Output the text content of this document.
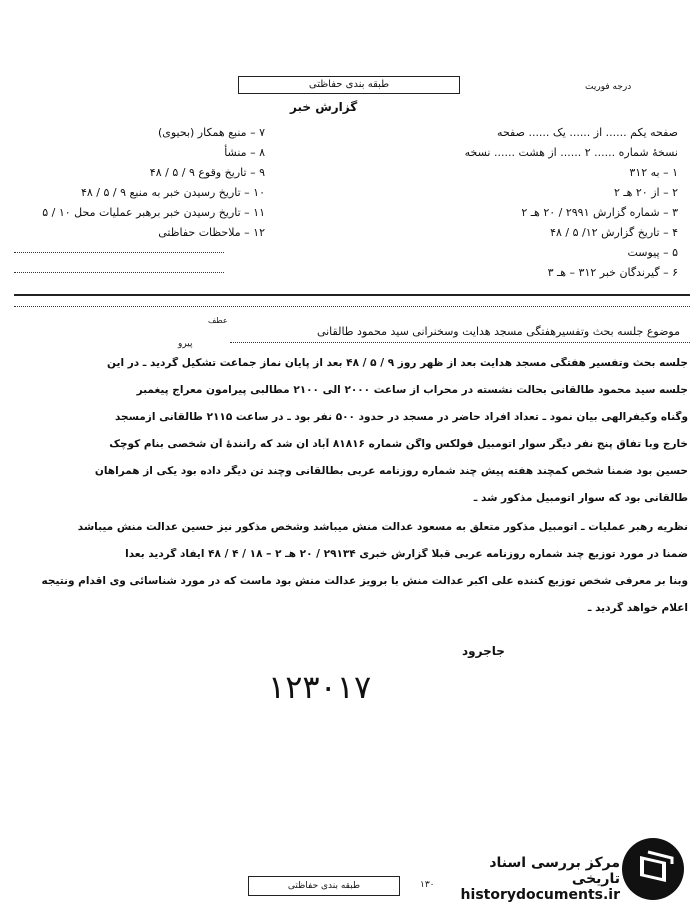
درجه فوریت
طبقه بندی حفاظتی
گزارش خبر
صفحه یکم ...... از ...... یک ...... صفحه
نسخهٔ شماره ...... ۲ ...... از هشت ...... نسخه
۱ – به ۳۱۲
۲ – از ۲۰ هـ ۲
۳ – شماره گزارش ۲۹۹۱ / ۲۰ هـ ۲
۴ – تاریخ گزارش ۱۲/ ۵ / ۴۸
۵ – پیوست
۶ – گیرندگان خبر ۳۱۲ – هـ ۳
۷ – منبع همکار (بحیوی)
۸ – منشأ
۹ – تاریخ وقوع ۹ / ۵ / ۴۸
۱۰ – تاریخ رسیدن خبر به منبع ۹ / ۵ / ۴۸
۱۱ – تاریخ رسیدن خبر برهبر عملیات محل ۱۰ / ۵
۱۲ – ملاحظات حفاظتی
عطف
پیرو
موضوع جلسه بحث وتفسیرهفتگی مسجد هدایت وسخنرانی سید محمود طالقانی
جلسه بحث وتفسیر هفتگی مسجد هدایت بعد از ظهر روز ۹ / ۵ / ۴۸ بعد از پایان نماز جماعت تشکیل گردید ـ در این
جلسه سید محمود طالقانی بحالت نشسته در محراب از ساعت ۲۰۰۰ الی ۲۱۰۰ مطالبی پیرامون معراج پیغمبر
وگناه وکیفرالهی بیان نمود ـ تعداد افراد حاضر در مسجد در حدود ۵۰۰ نفر بود ـ در ساعت ۲۱۱۵ طالقانی ازمسجد
خارج وبا تفاق پنج نفر دیگر سوار اتومبیل فولکس واگن شماره ۸۱۸۱۶ آباد ان شد که رانندهٔ آن شخصی بنام کوچک
حسین بود ضمنا شخص کمچند هفته پیش چند شماره روزنامه عربی بطالقانی وچند تن دیگر داده بود یکی از همراهان
طالقانی بود که سوار اتومبیل مذکور شد ـ
نظریه رهبر عملیات ـ اتومبیل مذکور متعلق به مسعود عدالت منش میباشد وشخص مذکور نیز حسین عدالت منش میباشد
ضمنا در مورد توزیع چند شماره روزنامه عربی قبلا گزارش خبری ۲۹۱۳۴ / ۲۰ هـ ۲ – ۱۸ / ۴ / ۴۸ ایفاد گردید بعدا
وبنا بر معرفی شخص توزیع کننده علی اکبر عدالت منش با برویز عدالت منش بود ماست که در مورد شناسائی وی اقدام ونتیجه
اعلام خواهد گردید ـ
جاجرود
۱۲۳۰۱۷
۱۳۰
طبقه بندی حفاظتی
مرکز بررسی اسناد تاریخی
historydocuments.ir
